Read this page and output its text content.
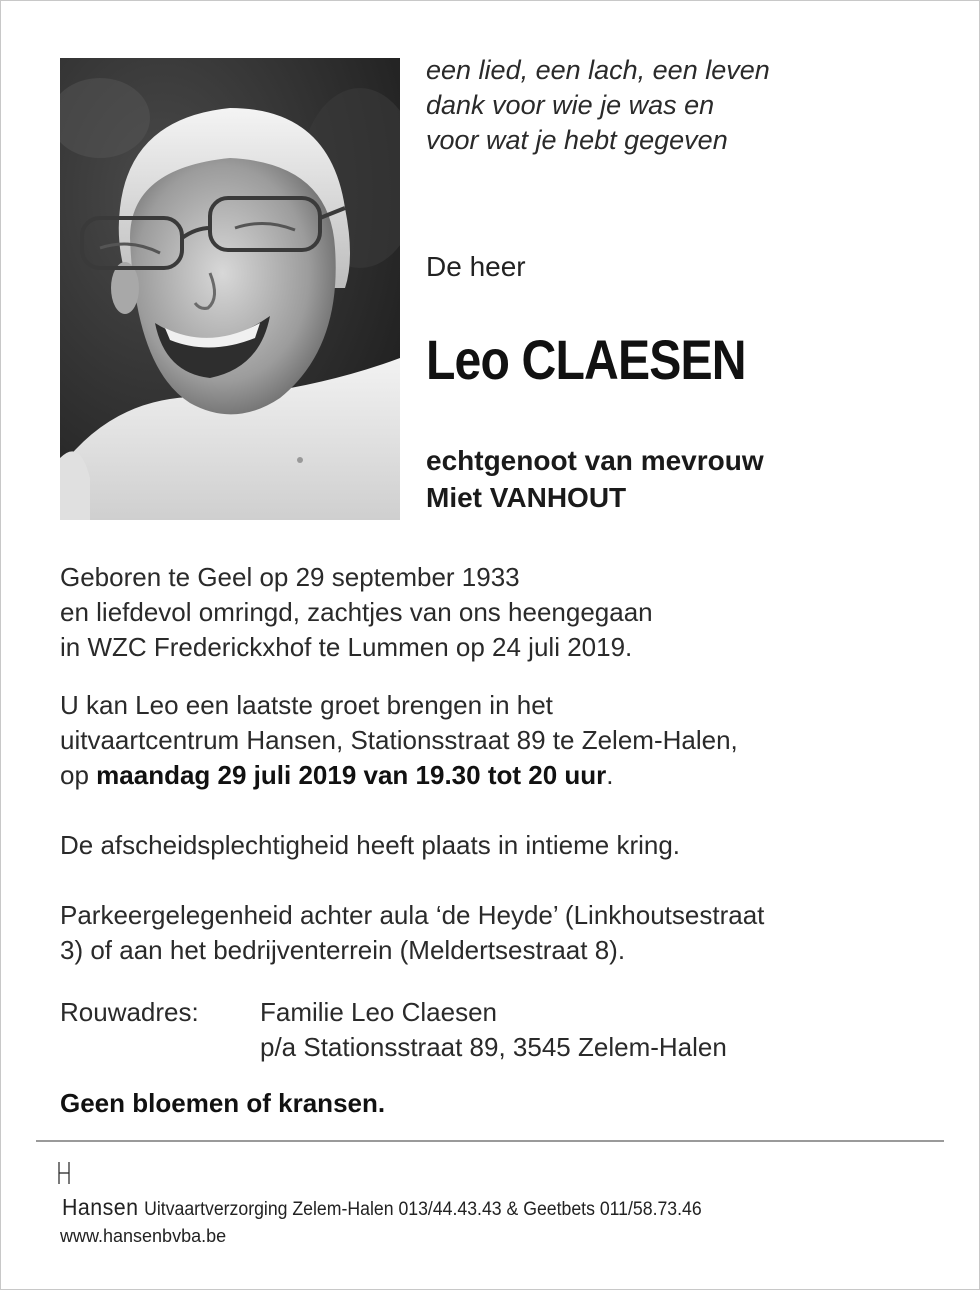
een lied, een lach, een leven
dank voor wie je was en
voor wat je hebt gegeven
De heer
Leo CLAESEN
echtgenoot van mevrouw
Miet VANHOUT
Geboren te Geel op 29 september 1933
en liefdevol omringd, zachtjes van ons heengegaan
in WZC Frederickxhof te Lummen op 24 juli 2019.
U kan Leo een laatste groet brengen in het
uitvaartcentrum Hansen, Stationsstraat 89 te Zelem-Halen,
op maandag 29 juli 2019 van 19.30 tot 20 uur.
De afscheidsplechtigheid heeft plaats in intieme kring.
Parkeergelegenheid achter aula ‘de Heyde’ (Linkhoutsestraat
3) of aan het bedrijventerrein (Meldertsestraat 8).
Rouwadres: Familie Leo Claesen
p/a Stationsstraat 89, 3545 Zelem-Halen
Geen bloemen of kransen.
Hansen Uitvaartverzorging Zelem-Halen 013/44.43.43 & Geetbets 011/58.73.46
www.hansenbvba.be
